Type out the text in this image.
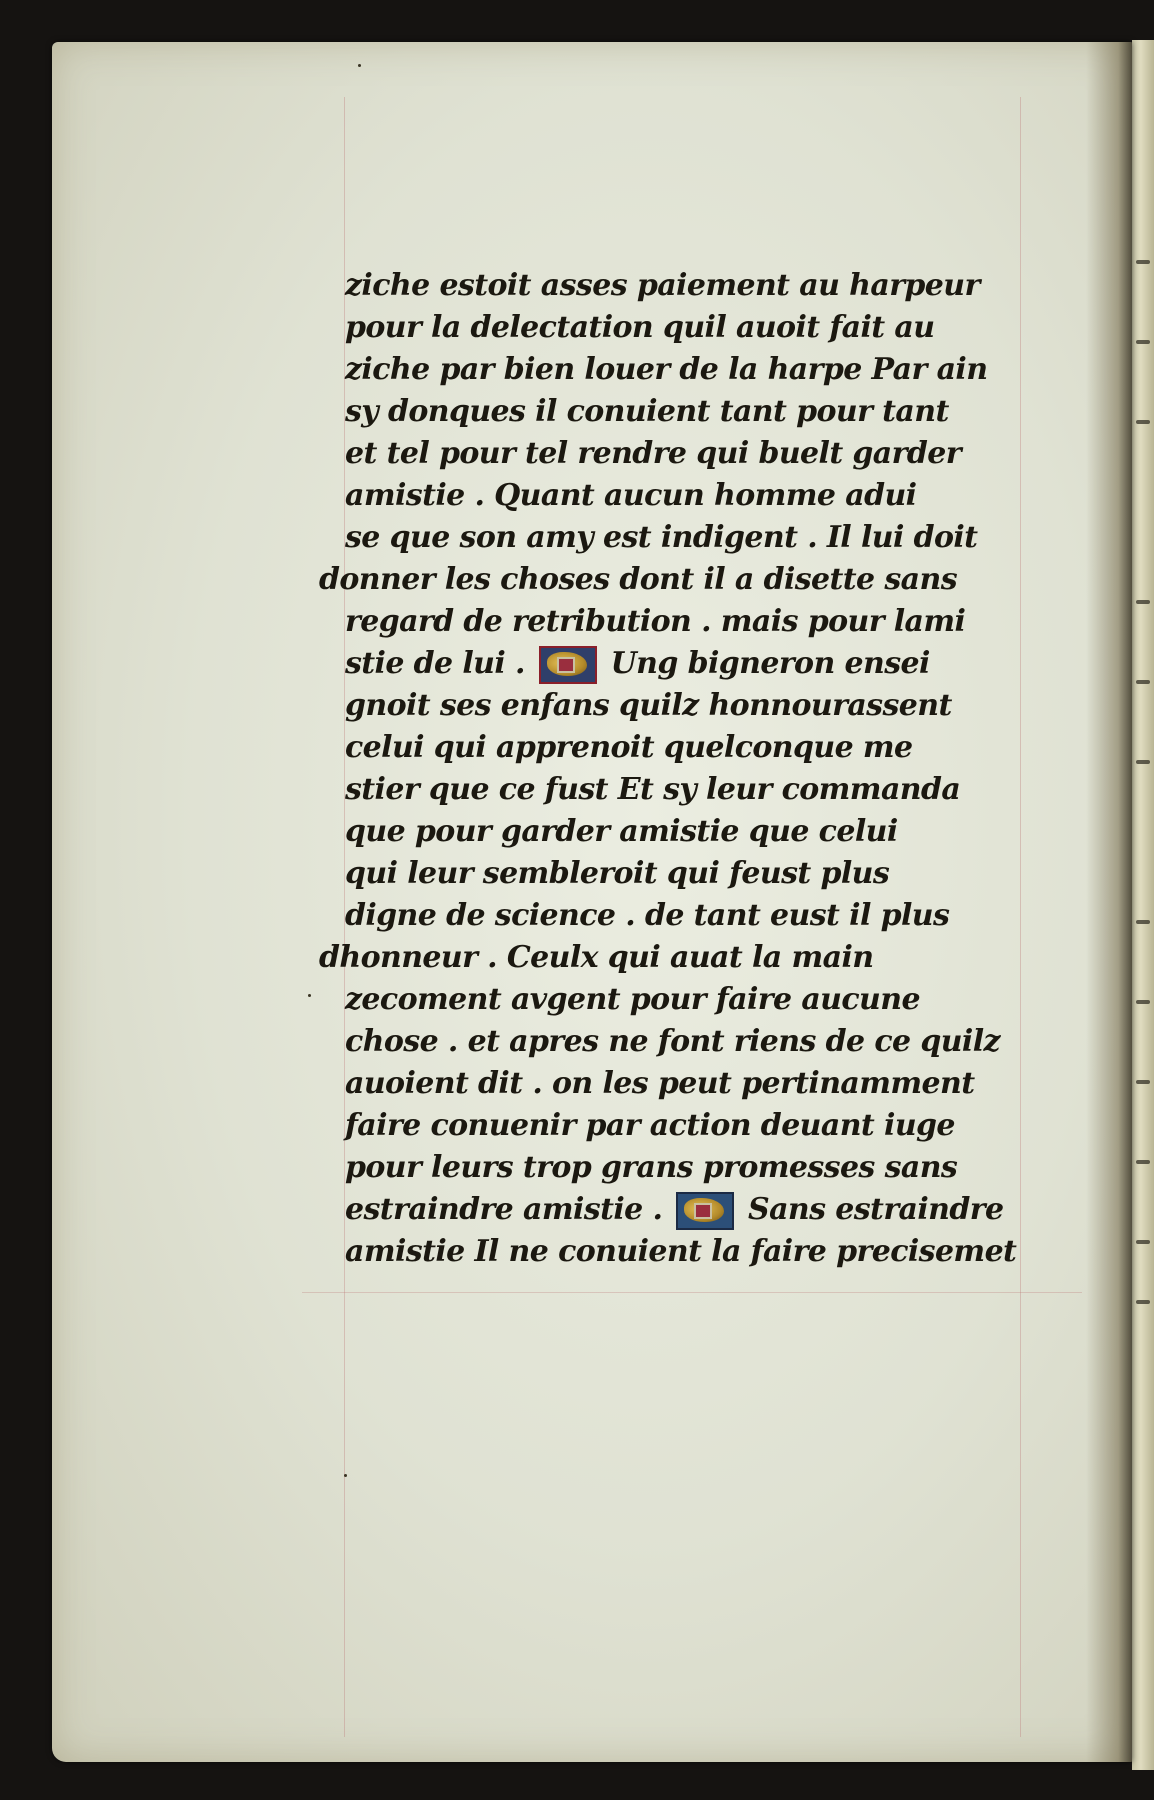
ziche estoit asses paiement au harpeur
pour la delectation quil auoit fait au
ziche par bien louer de la harpe Par ain
sy donques il conuient tant pour tant
et tel pour tel rendre qui buelt garder
amistie . Quant aucun homme adui
se que son amy est indigent . Il lui doit
donner les choses dont il a disette sans
regard de retribution . mais pour lami
stie de lui .	Ung bigneron ensei
gnoit ses enfans quilz honnourassent
celui qui apprenoit quelconque me
stier que ce fust Et sy leur commanda
que pour garder amistie que celui
qui leur sembleroit qui feust plus
digne de science . de tant eust il plus
dhonneur . Ceulx qui auat la main
zecoment avgent pour faire aucune
chose . et apres ne font riens de ce quilz
auoient dit . on les peut pertinamment
faire conuenir par action deuant iuge
pour leurs trop grans promesses sans
estraindre amistie .	Sans estraindre
amistie Il ne conuient la faire precisemet
